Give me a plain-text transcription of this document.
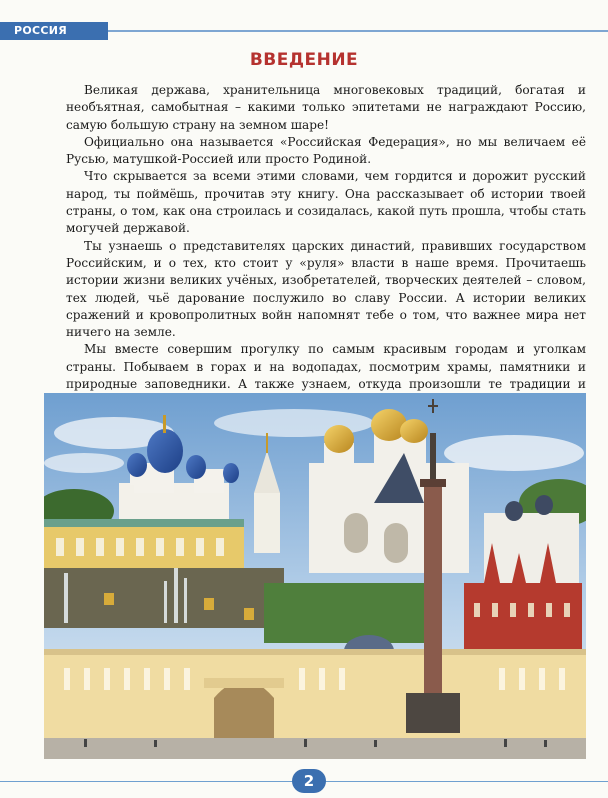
РОССИЯ
ВВЕДЕНИЕ

Великая держава, хранительница многовековых традиций, богатая и необъятная, самобытная – какими только эпитетами не награждают Россию, самую большую страну на земном шаре!

Официально она называется «Российская Федерация», но мы величаем её Русью, матушкой-Россией или просто Родиной.

Что скрывается за всеми этими словами, чем гордится и дорожит русский народ, ты поймёшь, прочитав эту книгу. Она рассказывает об истории твоей страны, о том, как она строилась и созидалась, какой путь прошла, чтобы стать могучей державой.

Ты узнаешь о представителях царских династий, правивших государством Российским, и о тех, кто стоит у «руля» власти в наше время. Прочитаешь истории жизни великих учёных, изобретателей, творческих деятелей – словом, тех людей, чьё дарование послужило во славу России. А истории великих сражений и кровопролитных войн напомнят тебе о том, что важнее мира нет ничего на земле.

Мы вместе совершим прогулку по самым красивым городам и уголкам страны. Побываем в горах и на водопадах, посмотрим храмы, памятники и природные заповедники. А также узнаем, откуда произошли те традиции и

2
